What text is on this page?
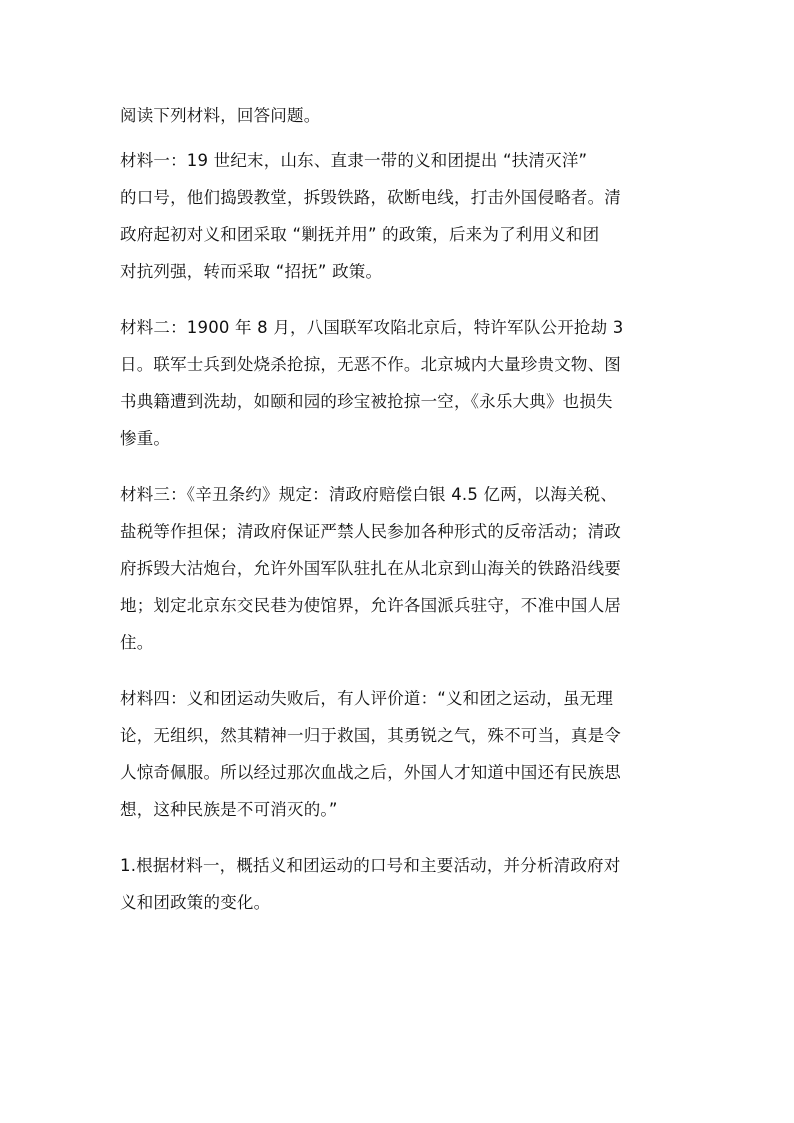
阅读下列材料，回答问题。
材料一：19 世纪末，山东、直隶一带的义和团提出 “扶清灭洋”
的口号，他们捣毁教堂，拆毁铁路，砍断电线，打击外国侵略者。清
政府起初对义和团采取 “剿抚并用” 的政策，后来为了利用义和团
对抗列强，转而采取 “招抚” 政策。
材料二：1900 年 8 月，八国联军攻陷北京后，特许军队公开抢劫 3
日。联军士兵到处烧杀抢掠，无恶不作。北京城内大量珍贵文物、图
书典籍遭到洗劫，如颐和园的珍宝被抢掠一空，《永乐大典》也损失
惨重。
材料三：《辛丑条约》规定：清政府赔偿白银 4.5 亿两，以海关税、
盐税等作担保；清政府保证严禁人民参加各种形式的反帝活动；清政
府拆毁大沽炮台，允许外国军队驻扎在从北京到山海关的铁路沿线要
地；划定北京东交民巷为使馆界，允许各国派兵驻守，不准中国人居
住。
材料四：义和团运动失败后，有人评价道：“义和团之运动，虽无理
论，无组织，然其精神一归于救国，其勇锐之气，殊不可当，真是令
人惊奇佩服。所以经过那次血战之后，外国人才知道中国还有民族思
想，这种民族是不可消灭的。”
1.根据材料一，概括义和团运动的口号和主要活动，并分析清政府对
义和团政策的变化。
